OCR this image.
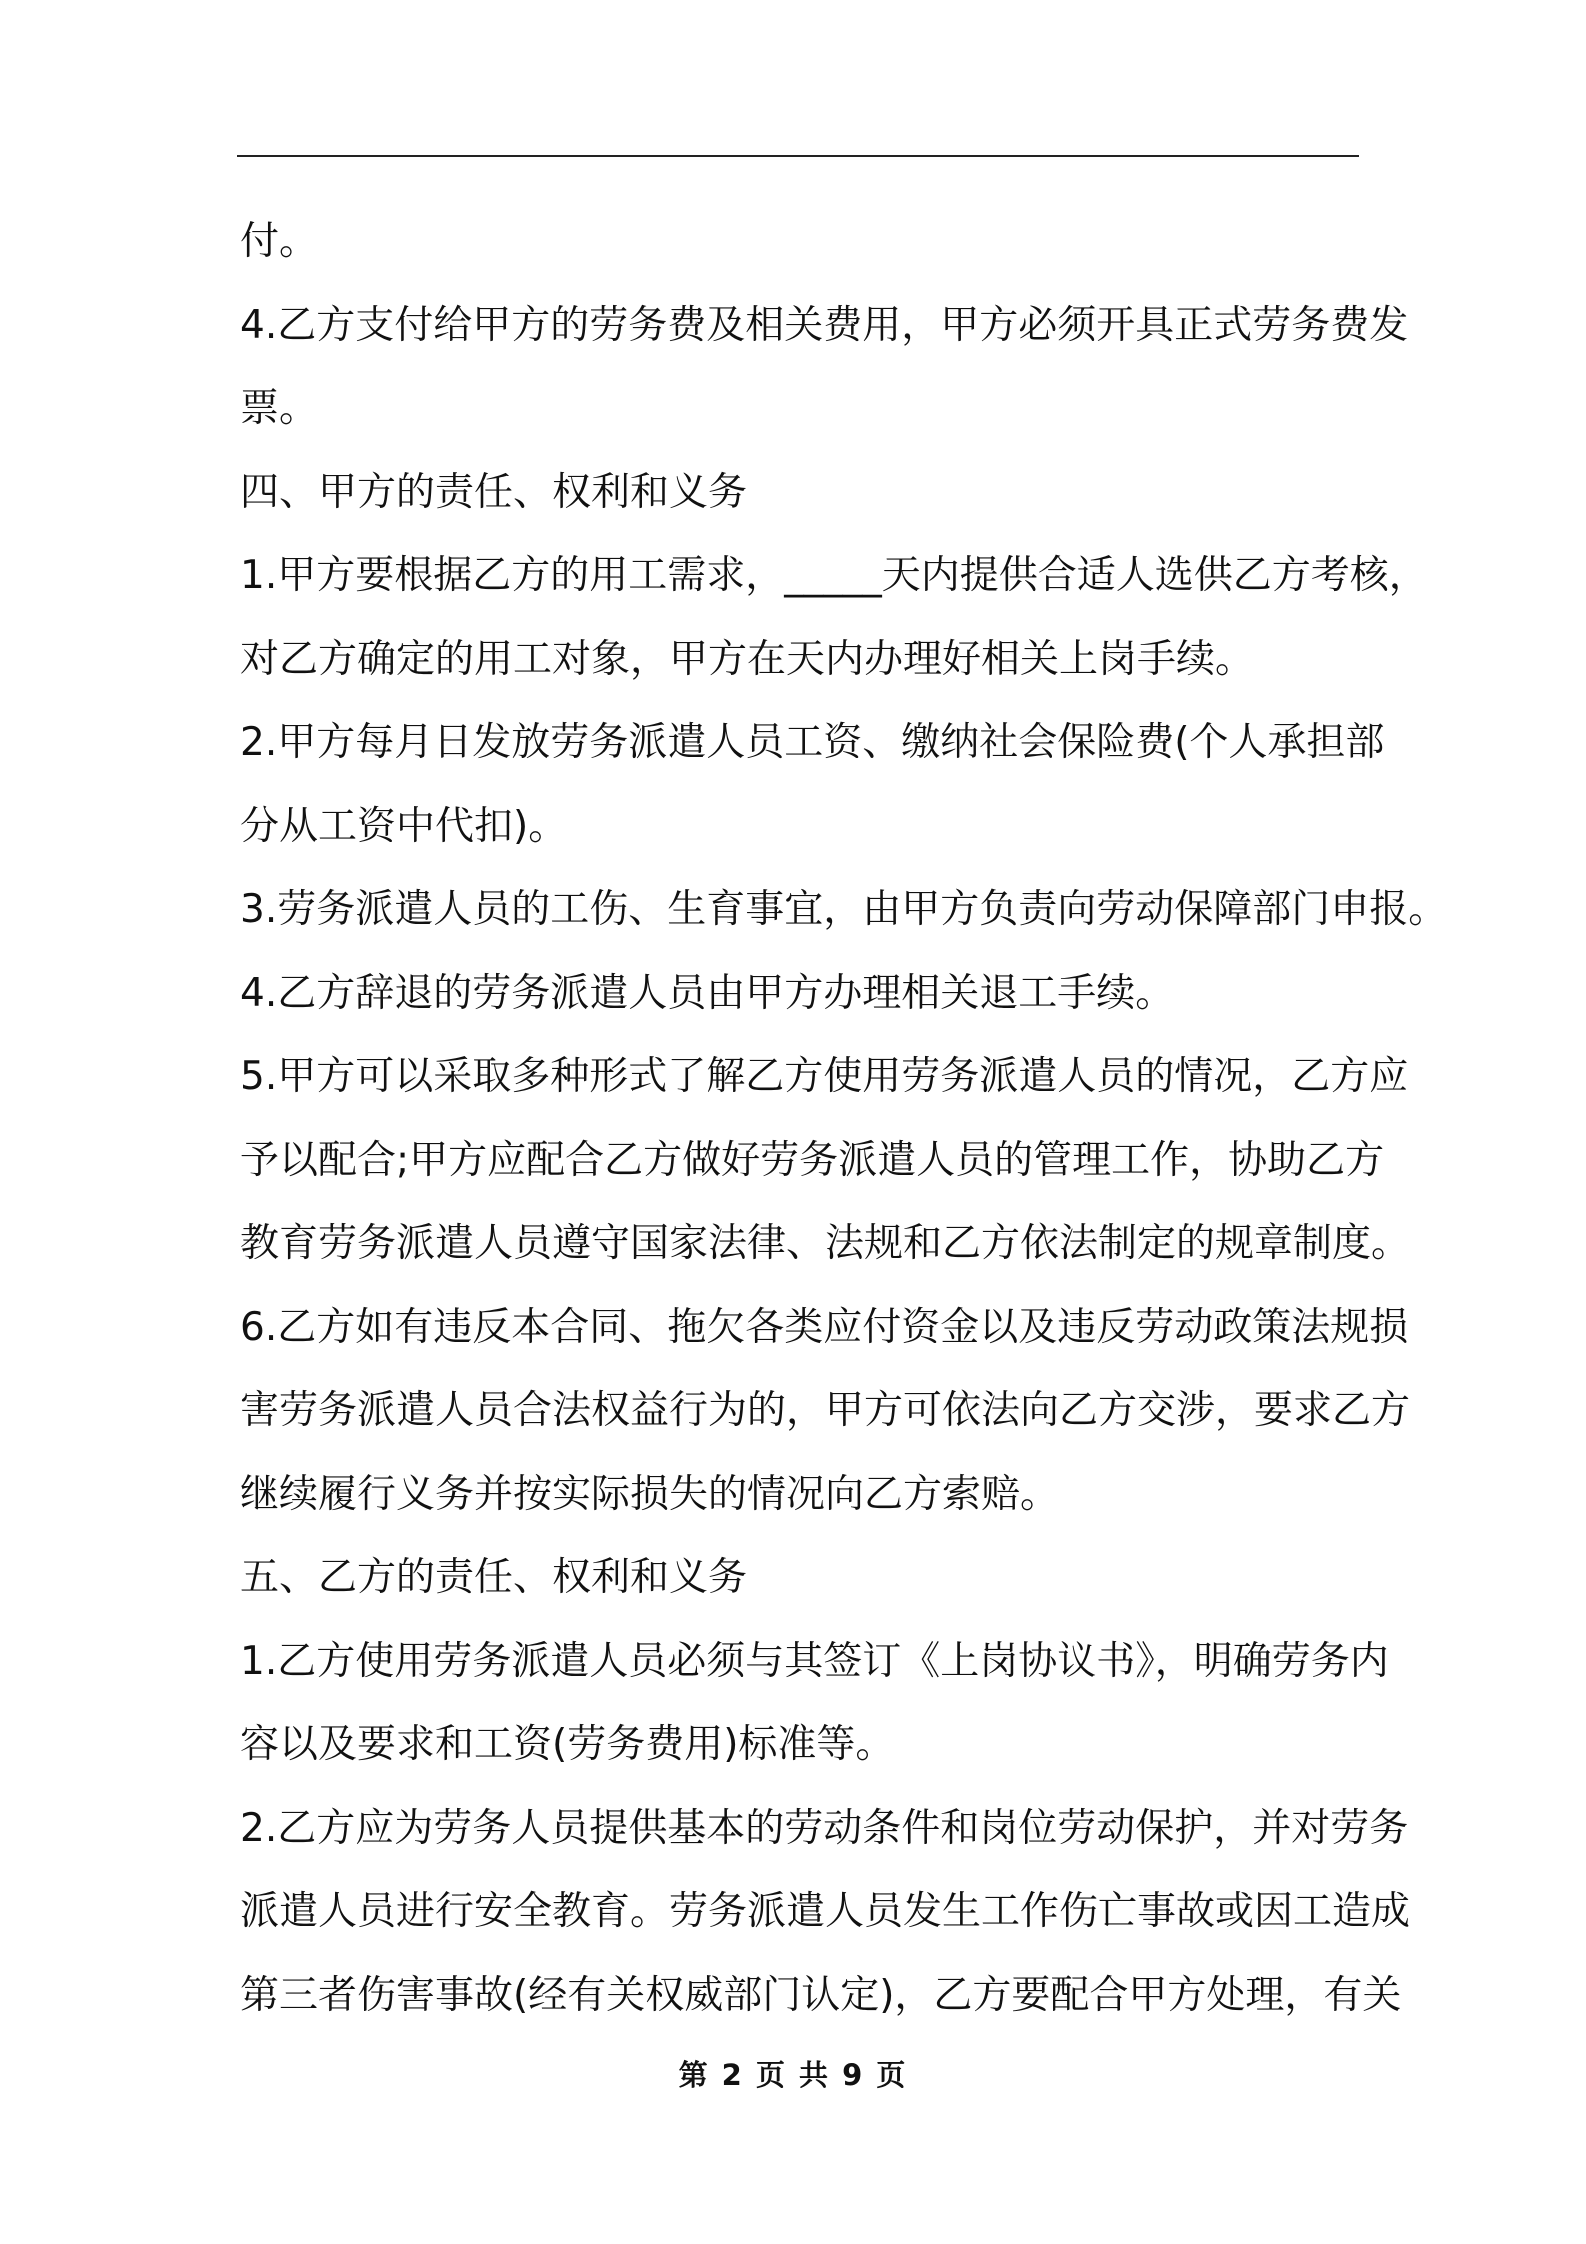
付。
4.乙方支付给甲方的劳务费及相关费用，甲方必须开具正式劳务费发
票。
四、甲方的责任、权利和义务
1.甲方要根据乙方的用工需求，_____天内提供合适人选供乙方考核，
对乙方确定的用工对象，甲方在天内办理好相关上岗手续。
2.甲方每月日发放劳务派遣人员工资、缴纳社会保险费(个人承担部
分从工资中代扣)。
3.劳务派遣人员的工伤、生育事宜，由甲方负责向劳动保障部门申报。
4.乙方辞退的劳务派遣人员由甲方办理相关退工手续。
5.甲方可以采取多种形式了解乙方使用劳务派遣人员的情况，乙方应
予以配合;甲方应配合乙方做好劳务派遣人员的管理工作，协助乙方
教育劳务派遣人员遵守国家法律、法规和乙方依法制定的规章制度。
6.乙方如有违反本合同、拖欠各类应付资金以及违反劳动政策法规损
害劳务派遣人员合法权益行为的，甲方可依法向乙方交涉，要求乙方
继续履行义务并按实际损失的情况向乙方索赔。
五、乙方的责任、权利和义务
1.乙方使用劳务派遣人员必须与其签订《上岗协议书》，明确劳务内
容以及要求和工资(劳务费用)标准等。
2.乙方应为劳务人员提供基本的劳动条件和岗位劳动保护，并对劳务
派遣人员进行安全教育。劳务派遣人员发生工作伤亡事故或因工造成
第三者伤害事故(经有关权威部门认定)，乙方要配合甲方处理，有关
第 2 页 共 9 页
